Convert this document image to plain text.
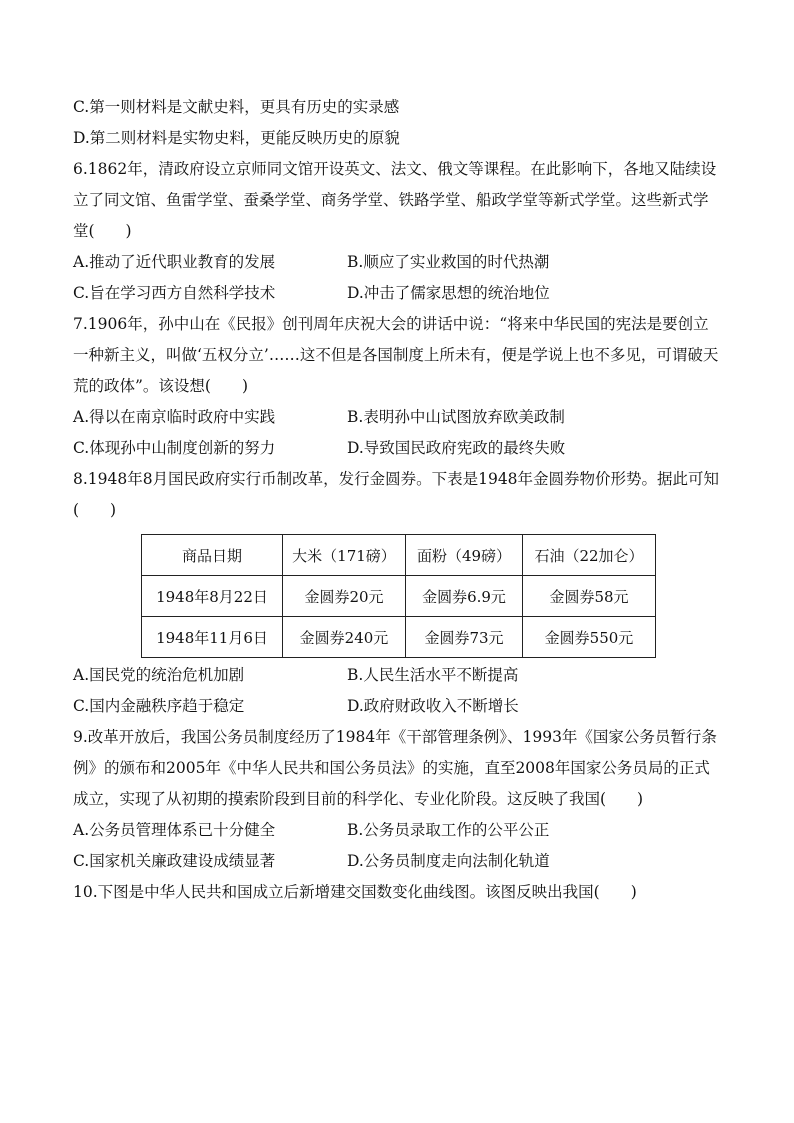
C.第一则材料是文献史料，更具有历史的实录感
D.第二则材料是实物史料，更能反映历史的原貌
6.1862年，清政府设立京师同文馆开设英文、法文、俄文等课程。在此影响下，各地又陆续设立了同文馆、鱼雷学堂、蚕桑学堂、商务学堂、铁路学堂、船政学堂等新式学堂。这些新式学堂(　　)
A.推动了近代职业教育的发展	B.顺应了实业救国的时代热潮
C.旨在学习西方自然科学技术	D.冲击了儒家思想的统治地位
7.1906年，孙中山在《民报》创刊周年庆祝大会的讲话中说：“将来中华民国的宪法是要创立一种新主义，叫做‘五权分立’……这不但是各国制度上所未有，便是学说上也不多见，可谓破天荒的政体”。该设想(　　)
A.得以在南京临时政府中实践	B.表明孙中山试图放弃欧美政制
C.体现孙中山制度创新的努力	D.导致国民政府宪政的最终失败
8.1948年8月国民政府实行币制改革，发行金圆券。下表是1948年金圆券物价形势。据此可知(　　)
商品日期	大米（171磅）	面粉（49磅）	石油（22加仑）
1948年8月22日	金圆券20元	金圆券6.9元	金圆券58元
1948年11月6日	金圆券240元	金圆券73元	金圆券550元
A.国民党的统治危机加剧	B.人民生活水平不断提高
C.国内金融秩序趋于稳定	D.政府财政收入不断增长
9.改革开放后，我国公务员制度经历了1984年《干部管理条例》、1993年《国家公务员暂行条例》的颁布和2005年《中华人民共和国公务员法》的实施，直至2008年国家公务员局的正式成立，实现了从初期的摸索阶段到目前的科学化、专业化阶段。这反映了我国(　　)
A.公务员管理体系已十分健全	B.公务员录取工作的公平公正
C.国家机关廉政建设成绩显著	D.公务员制度走向法制化轨道
10.下图是中华人民共和国成立后新增建交国数变化曲线图。该图反映出我国(　　)
